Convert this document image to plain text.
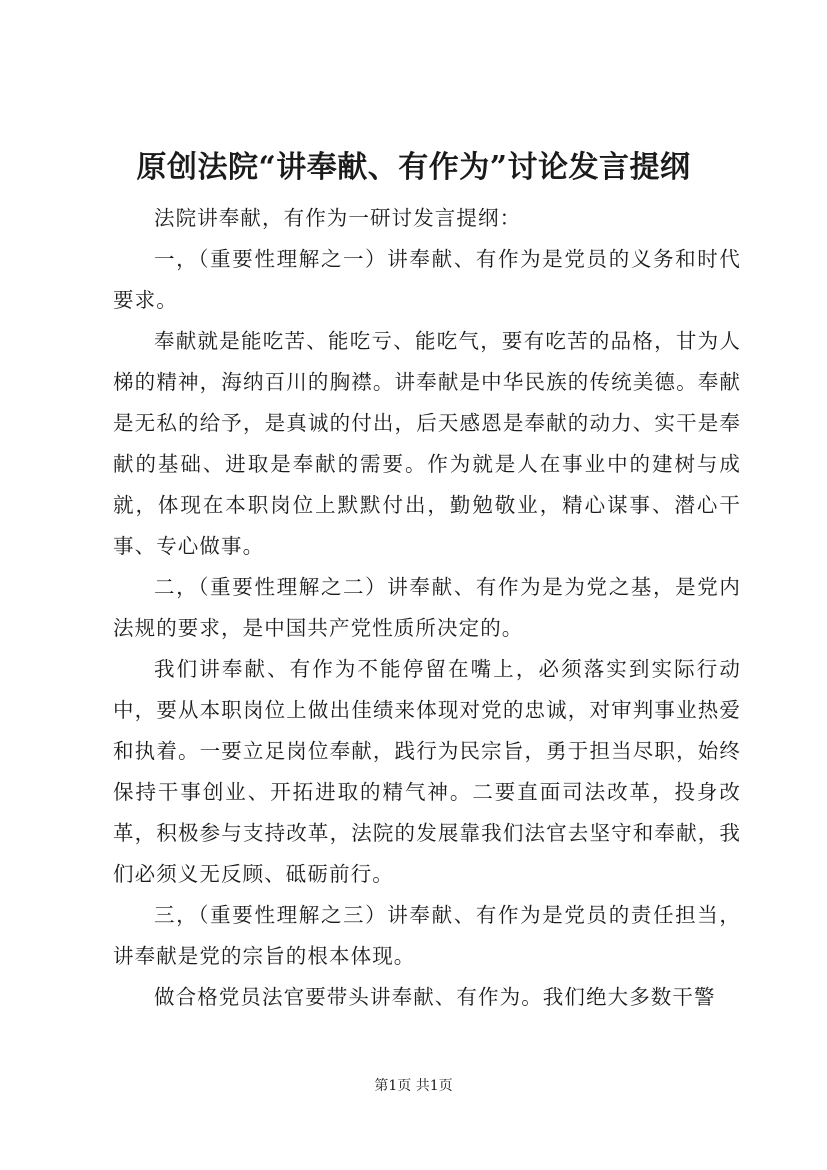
原创法院“讲奉献、有作为”讨论发言提纲

法院讲奉献，有作为一研讨发言提纲：

一，（重要性理解之一）讲奉献、有作为是党员的义务和时代要求。

奉献就是能吃苦、能吃亏、能吃气，要有吃苦的品格，甘为人梯的精神，海纳百川的胸襟。讲奉献是中华民族的传统美德。奉献是无私的给予，是真诚的付出，后天感恩是奉献的动力、实干是奉献的基础、进取是奉献的需要。作为就是人在事业中的建树与成就，体现在本职岗位上默默付出，勤勉敬业，精心谋事、潜心干事、专心做事。

二，（重要性理解之二）讲奉献、有作为是为党之基，是党内法规的要求，是中国共产党性质所决定的。

我们讲奉献、有作为不能停留在嘴上，必须落实到实际行动中，要从本职岗位上做出佳绩来体现对党的忠诚，对审判事业热爱和执着。一要立足岗位奉献，践行为民宗旨，勇于担当尽职，始终保持干事创业、开拓进取的精气神。二要直面司法改革，投身改革，积极参与支持改革，法院的发展靠我们法官去坚守和奉献，我们必须义无反顾、砥砺前行。

三，（重要性理解之三）讲奉献、有作为是党员的责任担当，讲奉献是党的宗旨的根本体现。

做合格党员法官要带头讲奉献、有作为。我们绝大多数干警

第1页 共1页
